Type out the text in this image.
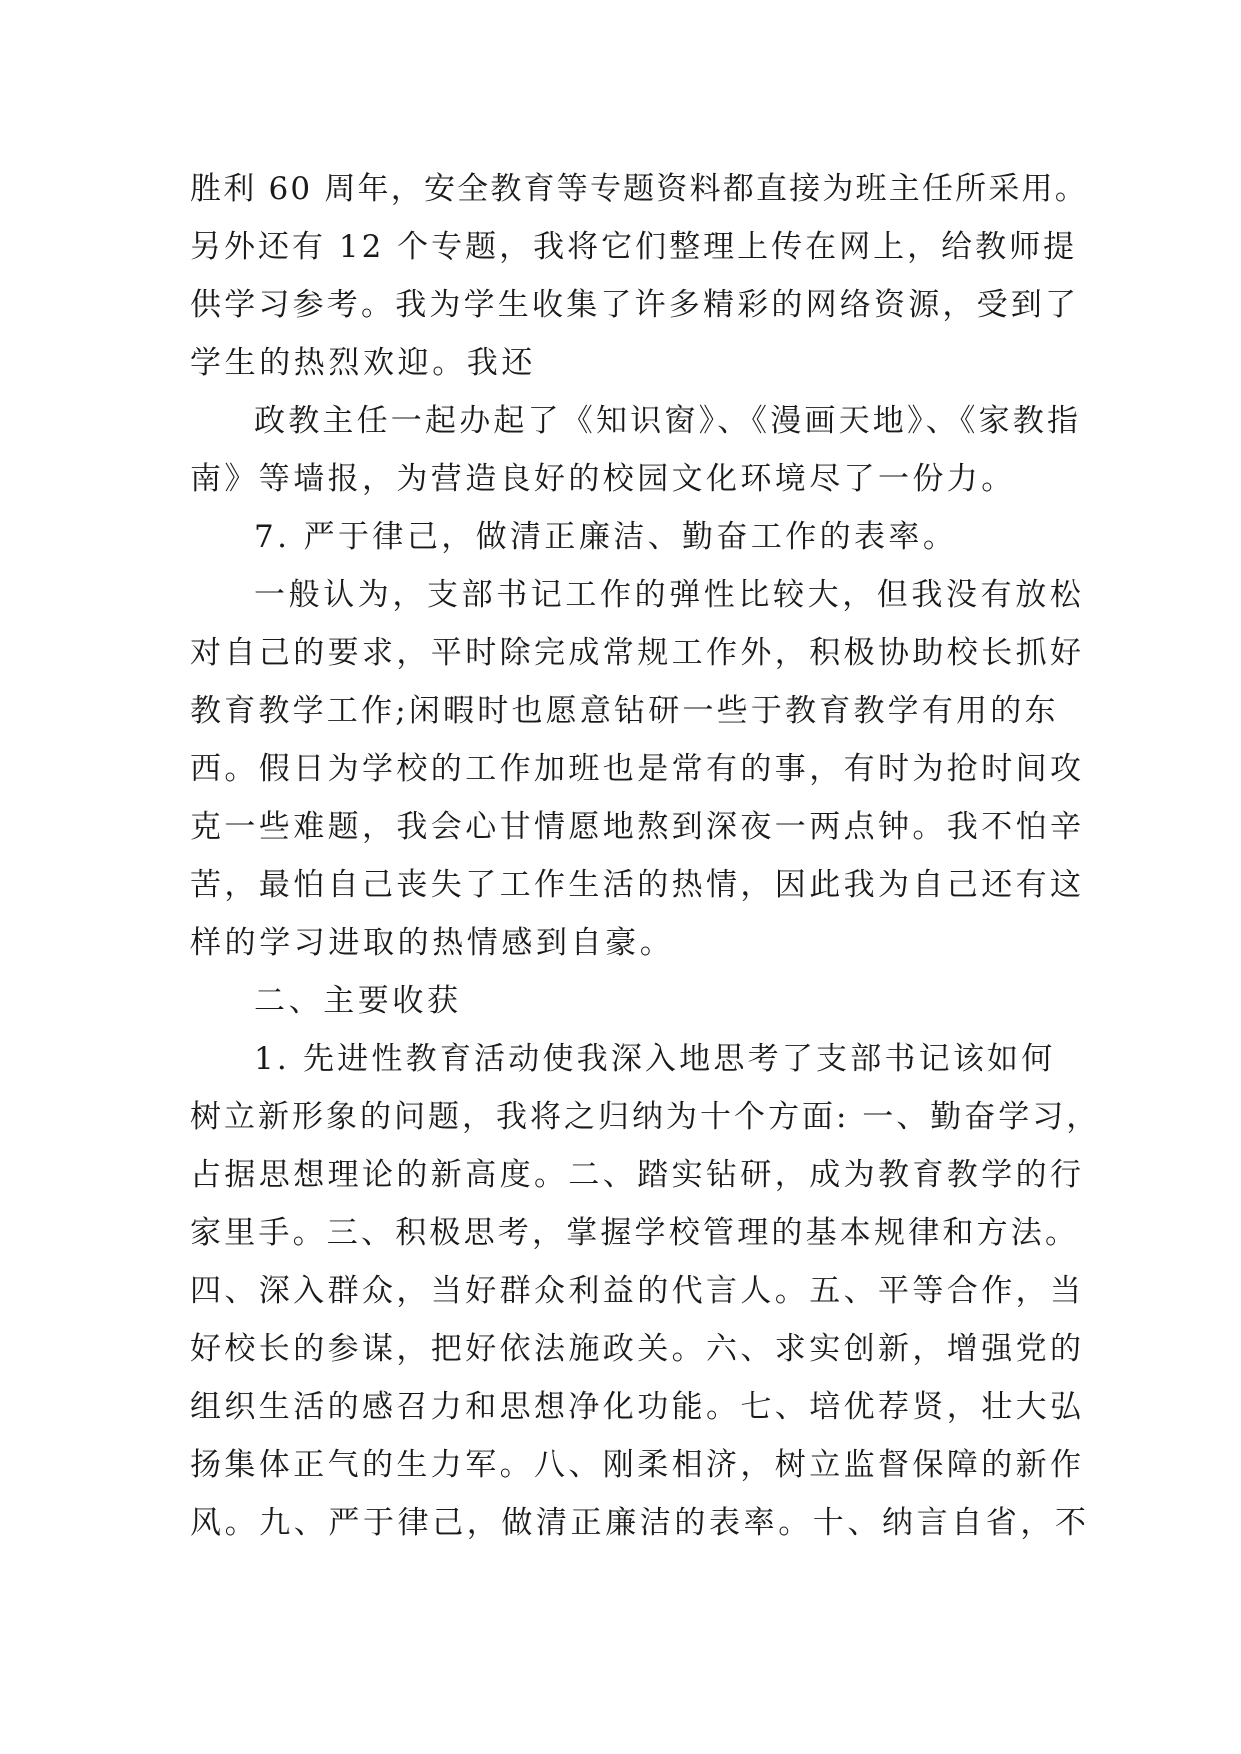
胜利 60 周年，安全教育等专题资料都直接为班主任所采用。
另外还有 12 个专题，我将它们整理上传在网上，给教师提
供学习参考。我为学生收集了许多精彩的网络资源，受到了
学生的热烈欢迎。我还
政教主任一起办起了《知识窗》、《漫画天地》、《家教指
南》等墙报，为营造良好的校园文化环境尽了一份力。
7. 严于律己，做清正廉洁、勤奋工作的表率。
一般认为，支部书记工作的弹性比较大，但我没有放松
对自己的要求，平时除完成常规工作外，积极协助校长抓好
教育教学工作;闲暇时也愿意钻研一些于教育教学有用的东
西。假日为学校的工作加班也是常有的事，有时为抢时间攻
克一些难题，我会心甘情愿地熬到深夜一两点钟。我不怕辛
苦，最怕自己丧失了工作生活的热情，因此我为自己还有这
样的学习进取的热情感到自豪。
二、主要收获
1. 先进性教育活动使我深入地思考了支部书记该如何
树立新形象的问题，我将之归纳为十个方面: 一、勤奋学习，
占据思想理论的新高度。二、踏实钻研，成为教育教学的行
家里手。三、积极思考，掌握学校管理的基本规律和方法。
四、深入群众，当好群众利益的代言人。五、平等合作，当
好校长的参谋，把好依法施政关。六、求实创新，增强党的
组织生活的感召力和思想净化功能。七、培优荐贤，壮大弘
扬集体正气的生力军。八、刚柔相济，树立监督保障的新作
风。九、严于律己，做清正廉洁的表率。十、纳言自省，不
